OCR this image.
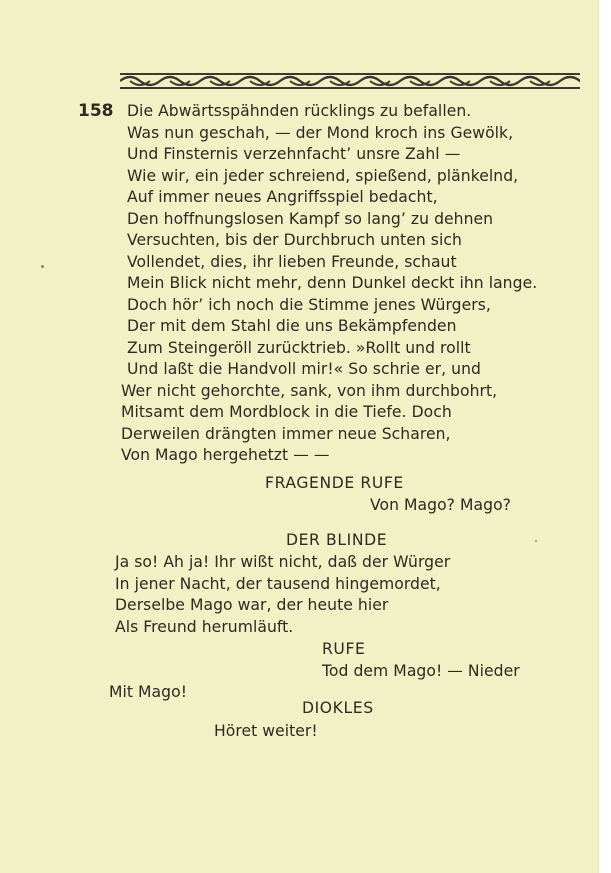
158 Die Abwärtsspähnden rücklings zu befallen.
Was nun geschah, — der Mond kroch ins Gewölk,
Und Finsternis verzehnfacht’ unsre Zahl —
Wie wir, ein jeder schreiend, spießend, plänkelnd,
Auf immer neues Angriffsspiel bedacht,
Den hoffnungslosen Kampf so lang’ zu dehnen
Versuchten, bis der Durchbruch unten sich
Vollendet, dies, ihr lieben Freunde, schaut
Mein Blick nicht mehr, denn Dunkel deckt ihn lange.
Doch hör’ ich noch die Stimme jenes Würgers,
Der mit dem Stahl die uns Bekämpfenden
Zum Steingeröll zurücktrieb. »Rollt und rollt
Und laßt die Handvoll mir!« So schrie er, und
Wer nicht gehorchte, sank, von ihm durchbohrt,
Mitsamt dem Mordblock in die Tiefe. Doch
Derweilen drängten immer neue Scharen,
Von Mago hergehetzt — —
FRAGENDE RUFE
Von Mago? Mago?
DER BLINDE
Ja so! Ah ja! Ihr wißt nicht, daß der Würger
In jener Nacht, der tausend hingemordet,
Derselbe Mago war, der heute hier
Als Freund herumläuft.
RUFE
Tod dem Mago! — Nieder
Mit Mago!
DIOKLES
Höret weiter!
